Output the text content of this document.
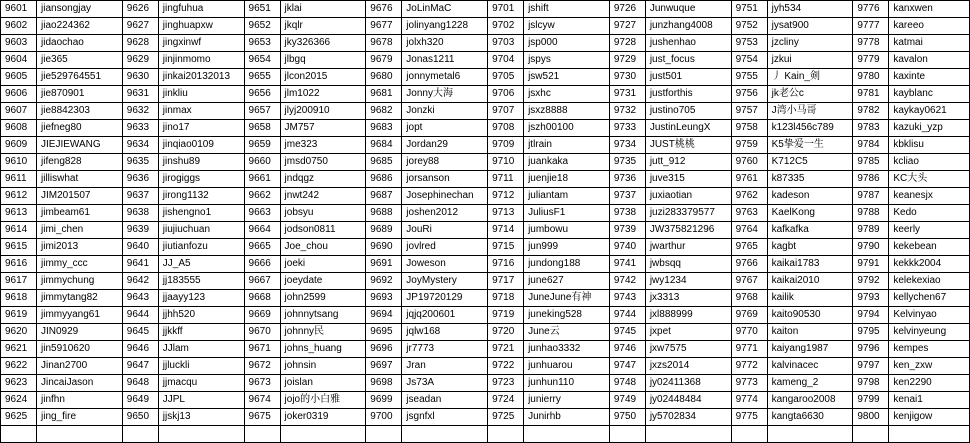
9601	jiansongjay	9626	jingfuhua	9651	jklai	9676	JoLinMaC	9701	jshift	9726	Junwuque	9751	jyh534	9776	kanxwen
9602	jiao224362	9627	jinghuapxw	9652	jkqlr	9677	jolinyang1228	9702	jslcyw	9727	junzhang4008	9752	jysat900	9777	kareeo
9603	jidaochao	9628	jingxinwf	9653	jky326366	9678	jolxh320	9703	jsp000	9728	jushenhao	9753	jzcliny	9778	katmai
9604	jie365	9629	jinjinmomo	9654	jlbgq	9679	Jonas1211	9704	jspys	9729	just_focus	9754	jzkui	9779	kavalon
9605	jie529764551	9630	jinkai20132013	9655	jlcon2015	9680	jonnymetal6	9705	jsw521	9730	just501	9755	丿 Kain_剣	9780	kaxinte
9606	jie870901	9631	jinkliu	9656	jlm1022	9681	Jonny大海	9706	jsxhc	9731	justforthis	9756	jk老公c	9781	kayblanc
9607	jie8842303	9632	jinmax	9657	jlyj200910	9682	Jonzki	9707	jsxz8888	9732	justino705	9757	J湾小马哥	9782	kaykay0621
9608	jiefneg80	9633	jino17	9658	JM757	9683	jopt	9708	jszh00100	9733	JustinLeungX	9758	k123l456c789	9783	kazuki_yzp
9609	JIEJIEWANG	9634	jinqiao0109	9659	jme323	9684	Jordan29	9709	jtlrain	9734	JUST桃桃	9759	K5挚爱一生	9784	kbklisu
9610	jifeng828	9635	jinshu89	9660	jmsd0750	9685	jorey88	9710	juankaka	9735	jutt_912	9760	K712C5	9785	kcliao
9611	jilliswhat	9636	jirogiggs	9661	jndqgz	9686	jorsanson	9711	juenjie18	9736	juve315	9761	k87335	9786	KC大头
9612	JIM201507	9637	jirong1132	9662	jnwt242	9687	Josephinechan	9712	juliantam	9737	juxiaotian	9762	kadeson	9787	keanesjx
9613	jimbeam61	9638	jishengno1	9663	jobsyu	9688	joshen2012	9713	JuliusF1	9738	juzi283379577	9763	KaelKong	9788	Kedo
9614	jimi_chen	9639	jiujiuchuan	9664	jodson0811	9689	JouRi	9714	jumbowu	9739	JW375821296	9764	kafkafka	9789	keerly
9615	jimi2013	9640	jiutianfozu	9665	Joe_chou	9690	jovlred	9715	jun999	9740	jwarthur	9765	kagbt	9790	kekebean
9616	jimmy_ccc	9641	JJ_A5	9666	joeki	9691	Joweson	9716	jundong188	9741	jwbsqq	9766	kaikai1783	9791	kekkk2004
9617	jimmychung	9642	jj183555	9667	joeydate	9692	JoyMystery	9717	june627	9742	jwy1234	9767	kaikai2010	9792	kelekexiao
9618	jimmytang82	9643	jjaayy123	9668	john2599	9693	JP19720129	9718	JuneJune有神	9743	jx3313	9768	kailik	9793	kellychen67
9619	jimmyyang61	9644	jjhh520	9669	johnnytsang	9694	jqjq200601	9719	juneking528	9744	jxl888999	9769	kaito90530	9794	Kelvinyao
9620	JIN0929	9645	jjkkff	9670	johnny民	9695	jqlw168	9720	June云	9745	jxpet	9770	kaiton	9795	kelvinyeung
9621	jin5910620	9646	JJlam	9671	johns_huang	9696	jr7773	9721	junhao3332	9746	jxw7575	9771	kaiyang1987	9796	kempes
9622	Jinan2700	9647	jjluckli	9672	johnsin	9697	Jran	9722	junhuarou	9747	jxzs2014	9772	kalvinacec	9797	ken_zxw
9623	JincaiJason	9648	jjmacqu	9673	joislan	9698	Js73A	9723	junhun110	9748	jy02411368	9773	kameng_2	9798	ken2290
9624	jinfhn	9649	JJPL	9674	jojo的小白雅	9699	jseadan	9724	junierry	9749	jy02448484	9774	kangaroo2008	9799	kenai1
9625	jing_fire	9650	jjskj13	9675	joker0319	9700	jsgnfxl	9725	Junirhb	9750	jy5702834	9775	kangta6630	9800	kenjigow
